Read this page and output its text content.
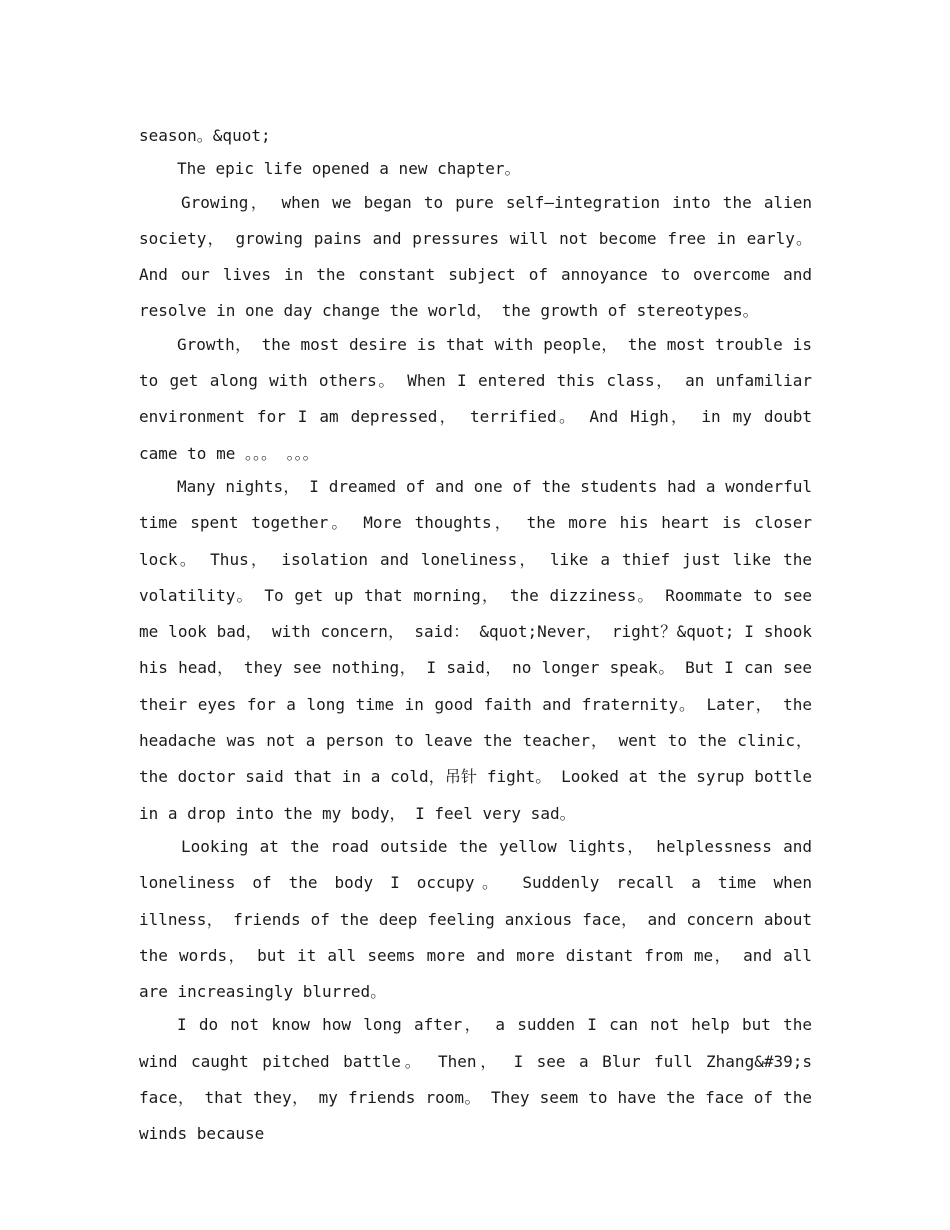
season。&quot;

The epic life opened a new chapter。

Growing， when we began to pure self—integration into the alien society， growing pains and pressures will not become free in early。 And our lives in the constant subject of annoyance to overcome and resolve in one day change the world， the growth of stereotypes。

Growth， the most desire is that with people， the most trouble is to get along with others。 When I entered this class， an unfamiliar environment for I am depressed， terrified。 And High， in my doubt came to me 。。。 。。。

Many nights， I dreamed of and one of the students had a wonderful time spent together。 More thoughts， the more his heart is closer lock。 Thus， isolation and loneliness， like a thief just like the volatility。 To get up that morning， the dizziness。 Roommate to see me look bad， with concern， said： &quot;Never， right？&quot; I shook his head， they see nothing， I said， no longer speak。 But I can see their eyes for a long time in good faith and fraternity。 Later， the headache was not a person to leave the teacher， went to the clinic， the doctor said that in a cold，吊针 fight。 Looked at the syrup bottle in a drop into the my body， I feel very sad。

Looking at the road outside the yellow lights， helplessness and loneliness of the body I occupy。 Suddenly recall a time when illness， friends of the deep feeling anxious face， and concern about the words， but it all seems more and more distant from me， and all are increasingly blurred。

I do not know how long after， a sudden I can not help but the wind caught pitched battle。 Then， I see a Blur full Zhang&#39;s face， that they， my friends room。 They seem to have the face of the winds because
